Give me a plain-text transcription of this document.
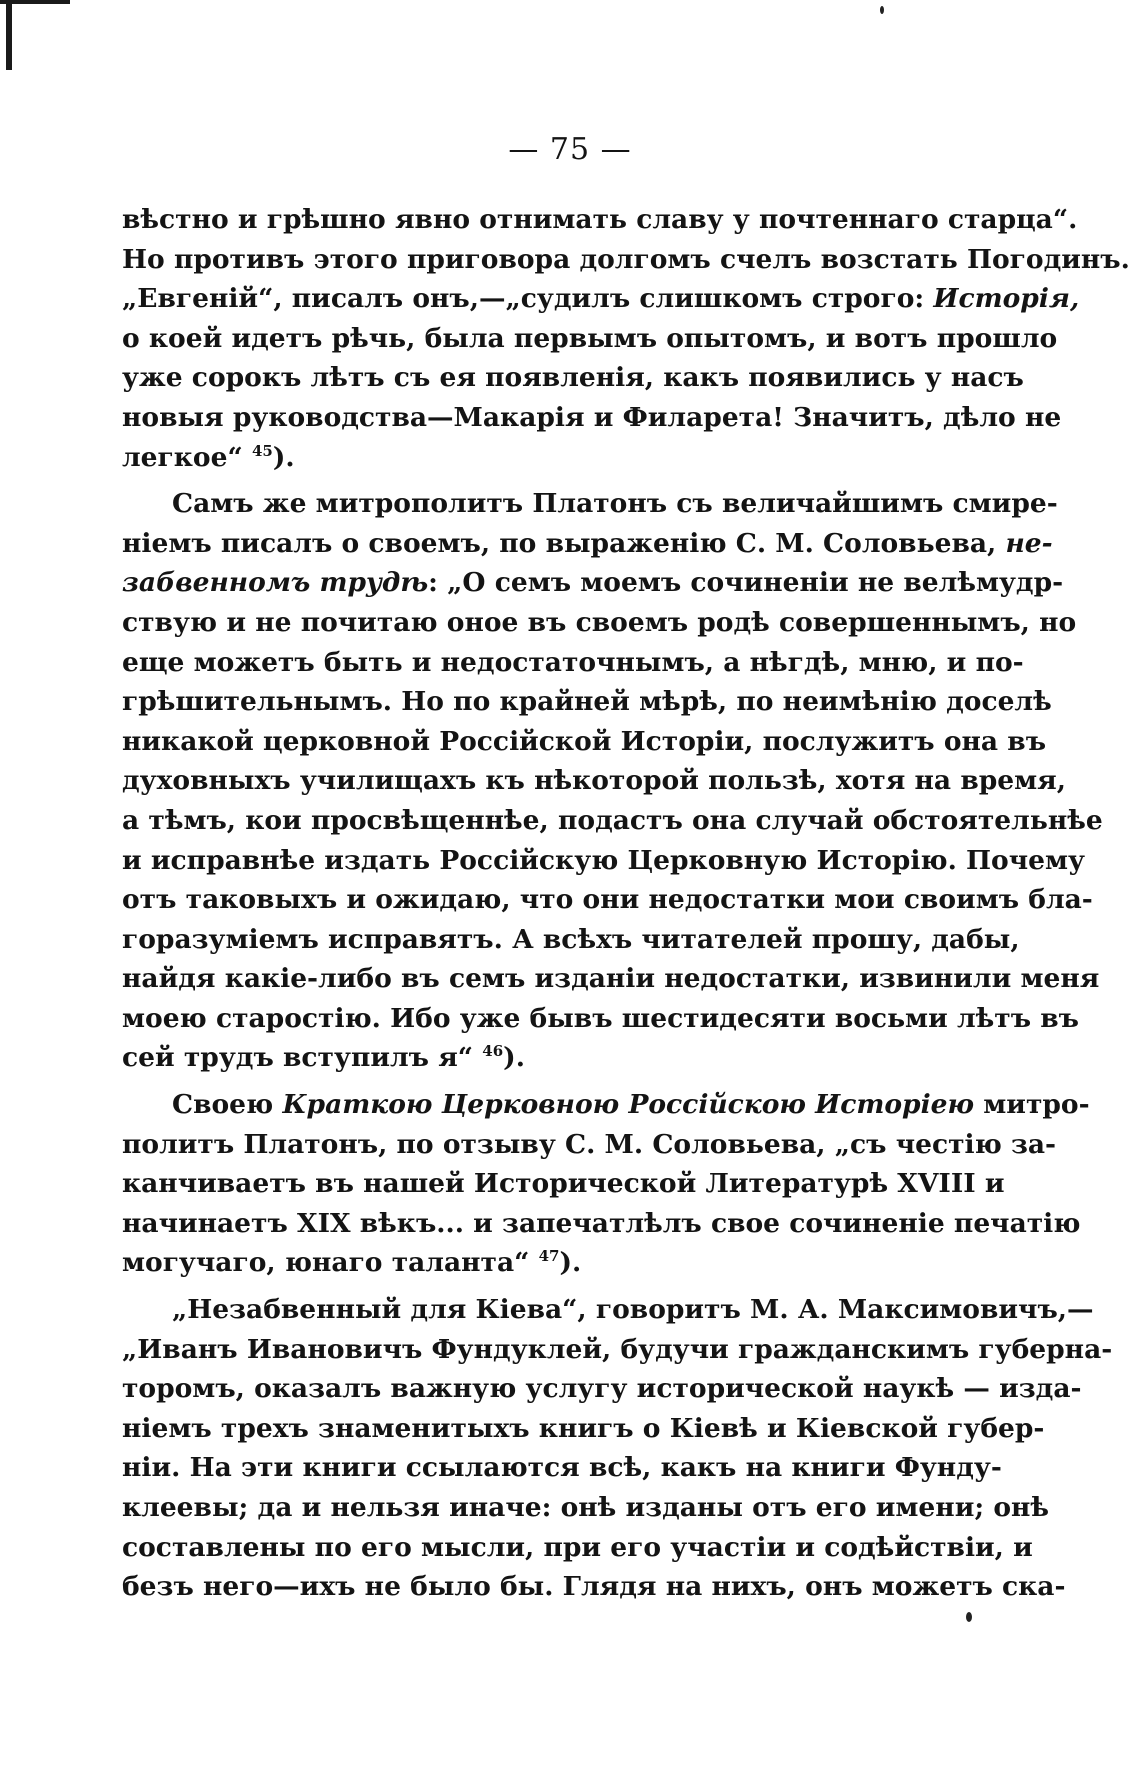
— 75 —
вѣстно и грѣшно явно отнимать славу у почтеннаго старца“.
Но противъ этого приговора долгомъ счелъ возстать Погодинъ.
„Евгеній“, писалъ онъ,—„судилъ слишкомъ строго: Исторія,
о коей идетъ рѣчь, была первымъ опытомъ, и вотъ прошло
уже сорокъ лѣтъ съ ея появленія, какъ появились у насъ
новыя руководства—Макарія и Филарета! Значитъ, дѣло не
легкое“ $^{45}$).
Самъ же митрополитъ Платонъ съ величайшимъ смире-
ніемъ писалъ о своемъ, по выраженію С. М. Соловьева, не-
забвенномъ трудѣ: „О семъ моемъ сочиненіи не велѣмудр-
ствую и не почитаю оное въ своемъ родѣ совершеннымъ, но
еще можетъ быть и недостаточнымъ, а нѣгдѣ, мню, и по-
грѣшительнымъ. Но по крайней мѣрѣ, по неимѣнію доселѣ
никакой церковной Россійской Исторіи, послужитъ она въ
духовныхъ училищахъ къ нѣкоторой пользѣ, хотя на время,
а тѣмъ, кои просвѣщеннѣе, подастъ она случай обстоятельнѣе
и исправнѣе издать Россійскую Церковную Исторію. Почему
отъ таковыхъ и ожидаю, что они недостатки мои своимъ бла-
горазуміемъ исправятъ. А всѣхъ читателей прошу, дабы,
найдя какіе-либо въ семъ изданіи недостатки, извинили меня
моею старостію. Ибо уже бывъ шестидесяти восьми лѣтъ въ
сей трудъ вступилъ я“ $^{46}$).
Своею Краткою Церковною Россійскою Исторіею митро-
политъ Платонъ, по отзыву С. М. Соловьева, „съ честію за-
канчиваетъ въ нашей Исторической Литературѣ XVIII и
начинаетъ XIX вѣкъ... и запечатлѣлъ свое сочиненіе печатію
могучаго, юнаго таланта“ $^{47}$).
„Незабвенный для Кіева“, говоритъ М. А. Максимовичъ,—
„Иванъ Ивановичъ Фундуклей, будучи гражданскимъ губерна-
торомъ, оказалъ важную услугу исторической наукѣ — изда-
ніемъ трехъ знаменитыхъ книгъ о Кіевѣ и Кіевской губер-
ніи. На эти книги ссылаются всѣ, какъ на книги Фунду-
клеевы; да и нельзя иначе: онѣ изданы отъ его имени; онѣ
составлены по его мысли, при его участіи и содѣйствіи, и
безъ него—ихъ не было бы. Глядя на нихъ, онъ можетъ ска-
